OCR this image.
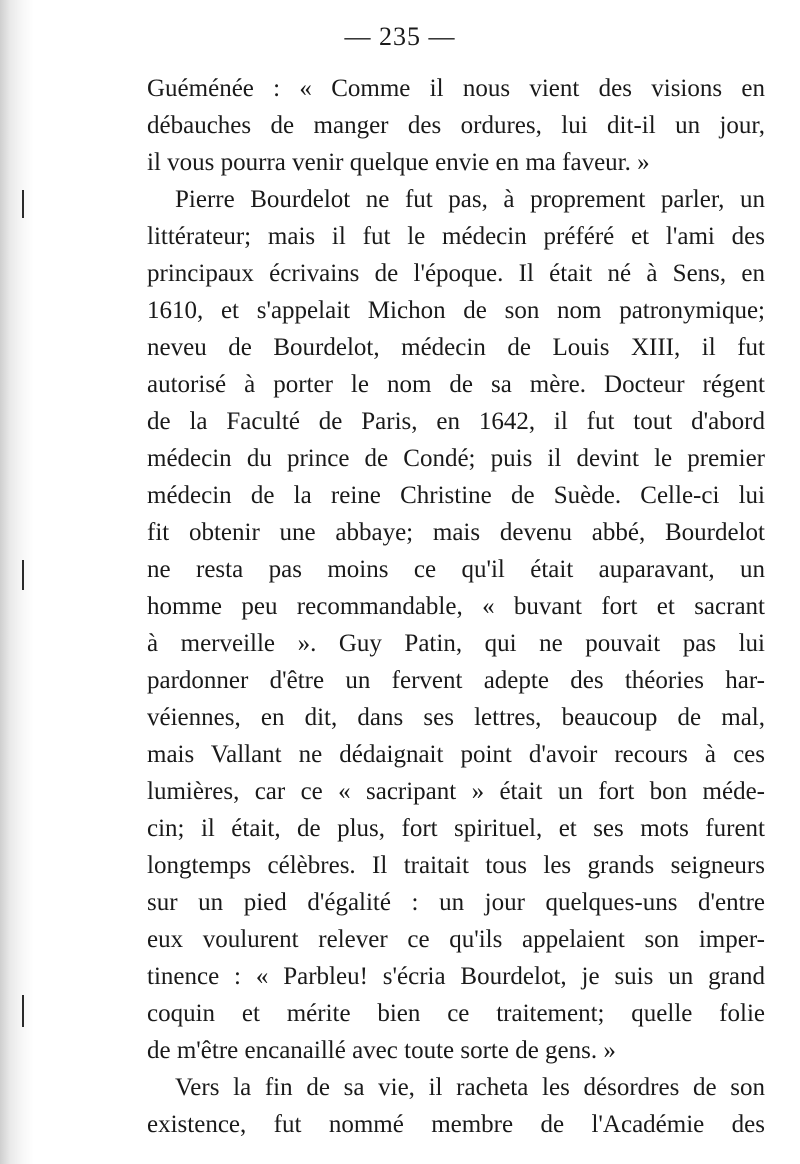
— 235 —
Guéménée : « Comme il nous vient des visions en
débauches de manger des ordures, lui dit-il un jour,
il vous pourra venir quelque envie en ma faveur. »
Pierre Bourdelot ne fut pas, à proprement parler, un
littérateur; mais il fut le médecin préféré et l'ami des
principaux écrivains de l'époque. Il était né à Sens, en
1610, et s'appelait Michon de son nom patronymique;
neveu de Bourdelot, médecin de Louis XIII, il fut
autorisé à porter le nom de sa mère. Docteur régent
de la Faculté de Paris, en 1642, il fut tout d'abord
médecin du prince de Condé; puis il devint le premier
médecin de la reine Christine de Suède. Celle-ci lui
fit obtenir une abbaye; mais devenu abbé, Bourdelot
ne resta pas moins ce qu'il était auparavant, un
homme peu recommandable, « buvant fort et sacrant
à merveille ». Guy Patin, qui ne pouvait pas lui
pardonner d'être un fervent adepte des théories har-
véiennes, en dit, dans ses lettres, beaucoup de mal,
mais Vallant ne dédaignait point d'avoir recours à ces
lumières, car ce « sacripant » était un fort bon méde-
cin; il était, de plus, fort spirituel, et ses mots furent
longtemps célèbres. Il traitait tous les grands seigneurs
sur un pied d'égalité : un jour quelques-uns d'entre
eux voulurent relever ce qu'ils appelaient son imper-
tinence : « Parbleu! s'écria Bourdelot, je suis un grand
coquin et mérite bien ce traitement; quelle folie
de m'être encanaillé avec toute sorte de gens. »
Vers la fin de sa vie, il racheta les désordres de son
existence, fut nommé membre de l'Académie des
